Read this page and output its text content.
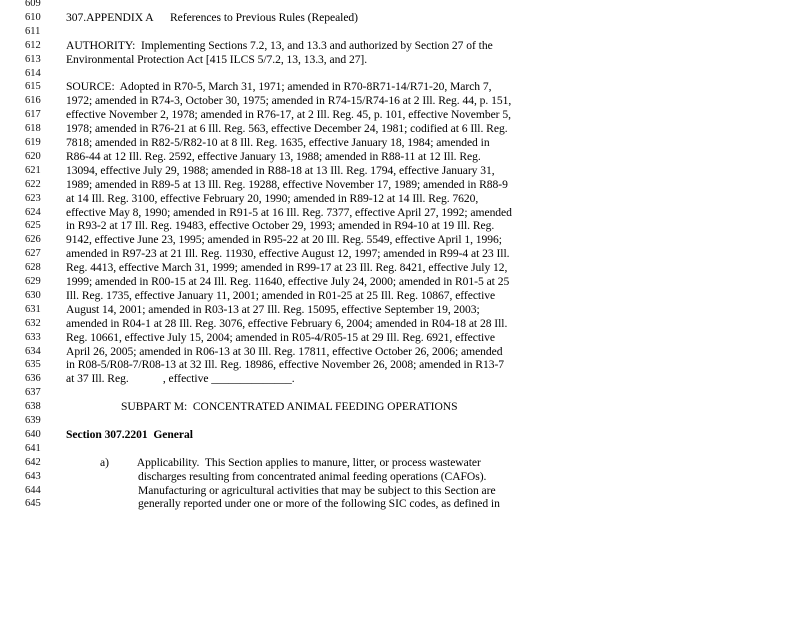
609
610	307.APPENDIX A      References to Previous Rules (Repealed)
611
612	AUTHORITY:  Implementing Sections 7.2, 13, and 13.3 and authorized by Section 27 of the
613	Environmental Protection Act [415 ILCS 5/7.2, 13, 13.3, and 27].
614
615	SOURCE:  Adopted in R70-5, March 31, 1971; amended in R70-8R71-14/R71-20, March 7,
616	1972; amended in R74-3, October 30, 1975; amended in R74-15/R74-16 at 2 Ill. Reg. 44, p. 151,
617	effective November 2, 1978; amended in R76-17, at 2 Ill. Reg. 45, p. 101, effective November 5,
618	1978; amended in R76-21 at 6 Ill. Reg. 563, effective December 24, 1981; codified at 6 Ill. Reg.
619	7818; amended in R82-5/R82-10 at 8 Ill. Reg. 1635, effective January 18, 1984; amended in
620	R86-44 at 12 Ill. Reg. 2592, effective January 13, 1988; amended in R88-11 at 12 Ill. Reg.
621	13094, effective July 29, 1988; amended in R88-18 at 13 Ill. Reg. 1794, effective January 31,
622	1989; amended in R89-5 at 13 Ill. Reg. 19288, effective November 17, 1989; amended in R88-9
623	at 14 Ill. Reg. 3100, effective February 20, 1990; amended in R89-12 at 14 Ill. Reg. 7620,
624	effective May 8, 1990; amended in R91-5 at 16 Ill. Reg. 7377, effective April 27, 1992; amended
625	in R93-2 at 17 Ill. Reg. 19483, effective October 29, 1993; amended in R94-10 at 19 Ill. Reg.
626	9142, effective June 23, 1995; amended in R95-22 at 20 Ill. Reg. 5549, effective April 1, 1996;
627	amended in R97-23 at 21 Ill. Reg. 11930, effective August 12, 1997; amended in R99-4 at 23 Ill.
628	Reg. 4413, effective March 31, 1999; amended in R99-17 at 23 Ill. Reg. 8421, effective July 12,
629	1999; amended in R00-15 at 24 Ill. Reg. 11640, effective July 24, 2000; amended in R01-5 at 25
630	Ill. Reg. 1735, effective January 11, 2001; amended in R01-25 at 25 Ill. Reg. 10867, effective
631	August 14, 2001; amended in R03-13 at 27 Ill. Reg. 15095, effective September 19, 2003;
632	amended in R04-1 at 28 Ill. Reg. 3076, effective February 6, 2004; amended in R04-18 at 28 Ill.
633	Reg. 10661, effective July 15, 2004; amended in R05-4/R05-15 at 29 Ill. Reg. 6921, effective
634	April 26, 2005; amended in R06-13 at 30 Ill. Reg. 17811, effective October 26, 2006; amended
635	in R08-5/R08-7/R08-13 at 32 Ill. Reg. 18986, effective November 26, 2008; amended in R13-7
636	at 37 Ill. Reg.            , effective ______________.
637
638	SUBPART M:  CONCENTRATED ANIMAL FEEDING OPERATIONS
639
640	Section 307.2201  General
641
642	a)          Applicability.  This Section applies to manure, litter, or process wastewater
643	discharges resulting from concentrated animal feeding operations (CAFOs).
644	Manufacturing or agricultural activities that may be subject to this Section are
645	generally reported under one or more of the following SIC codes, as defined in
